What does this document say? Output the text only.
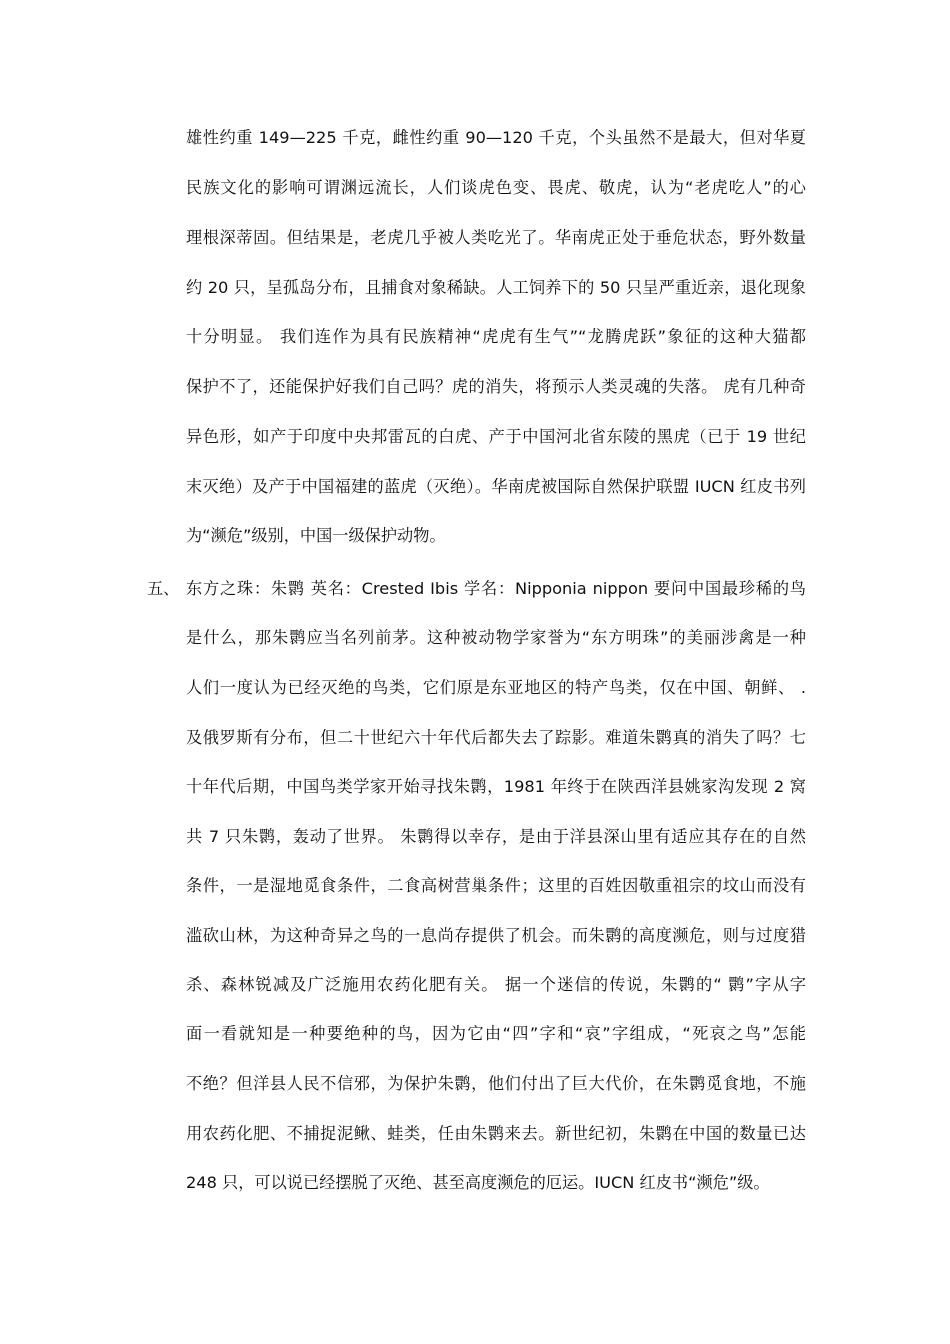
雄性约重 149—225 千克，雌性约重 90—120 千克，个头虽然不是最大，但对华夏
民族文化的影响可谓渊远流长，人们谈虎色变、畏虎、敬虎，认为“老虎吃人”的心
理根深蒂固。但结果是，老虎几乎被人类吃光了。华南虎正处于垂危状态，野外数量
约 20 只，呈孤岛分布，且捕食对象稀缺。人工饲养下的 50 只呈严重近亲，退化现象
十分明显。 我们连作为具有民族精神“虎虎有生气”“龙腾虎跃”象征的这种大猫都
保护不了，还能保护好我们自己吗？虎的消失，将预示人类灵魂的失落。 虎有几种奇
异色形，如产于印度中央邦雷瓦的白虎、产于中国河北省东陵的黑虎（已于 19 世纪
末灭绝）及产于中国福建的蓝虎（灭绝）。华南虎被国际自然保护联盟 IUCN 红皮书列
为“濒危”级别，中国一级保护动物。
五、 东方之珠：朱鹮 英名：Crested Ibis 学名：Nipponia nippon 要问中国最珍稀的鸟
是什么，那朱鹮应当名列前茅。这种被动物学家誉为“东方明珠”的美丽涉禽是一种
人们一度认为已经灭绝的鸟类，它们原是东亚地区的特产鸟类，仅在中国、朝鲜、 .
及俄罗斯有分布，但二十世纪六十年代后都失去了踪影。难道朱鹮真的消失了吗？七
十年代后期，中国鸟类学家开始寻找朱鹮，1981 年终于在陕西洋县姚家沟发现 2 窝
共 7 只朱鹮，轰动了世界。 朱鹮得以幸存，是由于洋县深山里有适应其存在的自然
条件，一是湿地觅食条件，二食高树营巢条件；这里的百姓因敬重祖宗的坟山而没有
滥砍山林，为这种奇异之鸟的一息尚存提供了机会。而朱鹮的高度濒危，则与过度猎
杀、森林锐减及广泛施用农药化肥有关。 据一个迷信的传说，朱鹮的“ 鹮”字从字
面一看就知是一种要绝种的鸟，因为它由“四”字和“哀”字组成，“死哀之鸟”怎能
不绝？但洋县人民不信邪，为保护朱鹮，他们付出了巨大代价，在朱鹮觅食地，不施
用农药化肥、不捕捉泥鳅、蛙类，任由朱鹮来去。新世纪初，朱鹮在中国的数量已达
248 只，可以说已经摆脱了灭绝、甚至高度濒危的厄运。IUCN 红皮书“濒危”级。
